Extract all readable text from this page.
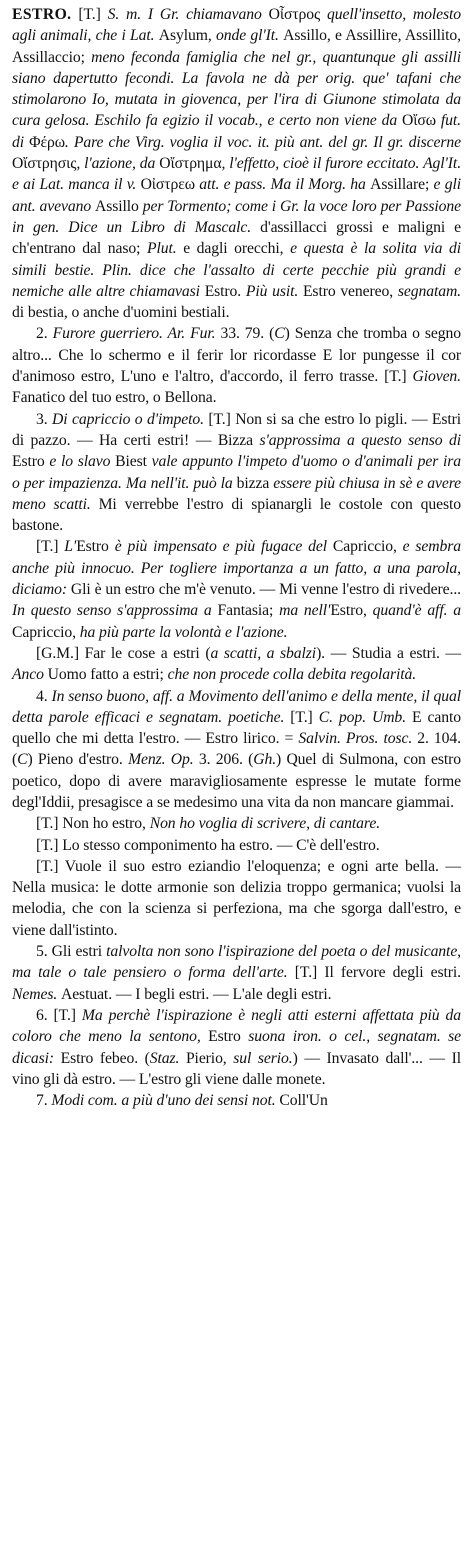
ESTRO. [T.] S. m. I Gr. chiamavano Οἶστρος quell'insetto, molesto agli animali, che i Lat. Asylum, onde gl'It. Assillo, e Assillire, Assillito, Assillaccio; meno feconda famiglia che nel gr., quantunque gli assilli siano dapertutto fecondi. La favola ne dà per orig. que' tafani che stimolarono Io, mutata in giovenca, per l'ira di Giunone stimolata da cura gelosa. Eschilo fa egizio il vocab., e certo non viene da Οἴσω fut. di Φέρω. Pare che Virg. voglia il voc. it. più ant. del gr. Il gr. discerne Οἴστρησις, l'azione, da Οἴστρημα, l'effetto, cioè il furore eccitato. Agl'It. e ai Lat. manca il v. Οἰστρεω att. e pass. Ma il Morg. ha Assillare; e gli ant. avevano Assillo per Tormento; come i Gr. la voce loro per Passione in gen. Dice un Libro di Mascalc. d'assillacci grossi e maligni e ch'entrano dal naso; Plut. e dagli orecchi, e questa è la solita via di simili bestie. Plin. dice che l'assalto di certe pecchie più grandi e nemiche alle altre chiamavasi Estro. Più usit. Estro venereo, segnatam. di bestia, o anche d'uomini bestiali.

2. Furore guerriero. Ar. Fur. 33. 79. (C) Senza che tromba o segno altro... Che lo schermo e il ferir lor ricordasse E lor pungesse il cor d'animoso estro, L'uno e l'altro, d'accordo, il ferro trasse. [T.] Gioven. Fanatico del tuo estro, o Bellona.

3. Di capriccio o d'impeto. [T.] Non si sa che estro lo pigli. — Estri di pazzo. — Ha certi estri! — Bizza s'approssima a questo senso di Estro e lo slavo Biest vale appunto l'impeto d'uomo o d'animali per ira o per impazienza. Ma nell'it. può la bizza essere più chiusa in sè e avere meno scatti. Mi verrebbe l'estro di spianargli le costole con questo bastone.

[T.] L'Estro è più impensato e più fugace del Capriccio, e sembra anche più innocuo. Per togliere importanza a un fatto, a una parola, diciamo: Gli è un estro che m'è venuto. — Mi venne l'estro di rivedere... In questo senso s'approssima a Fantasia; ma nell'Estro, quand'è aff. a Capriccio, ha più parte la volontà e l'azione.

[G.M.] Far le cose a estri (a scatti, a sbalzi). — Studia a estri. — Anco Uomo fatto a estri; che non procede colla debita regolarità.

4. In senso buono, aff. a Movimento dell'animo e della mente, il qual detta parole efficaci e segnatam. poetiche. [T.] C. pop. Umb. E canto quello che mi detta l'estro. — Estro lirico. = Salvin. Pros. tosc. 2. 104. (C) Pieno d'estro. Menz. Op. 3. 206. (Gh.) Quel di Sulmona, con estro poetico, dopo di avere maravigliosamente espresse le mutate forme degl'Iddii, presagisce a se medesimo una vita da non mancare giammai.

[T.] Non ho estro, Non ho voglia di scrivere, di cantare.

[T.] Lo stesso componimento ha estro. — C'è dell'estro.

[T.] Vuole il suo estro eziandio l'eloquenza; e ogni arte bella. — Nella musica: le dotte armonie son delizia troppo germanica; vuolsi la melodia, che con la scienza si perfeziona, ma che sgorga dall'estro, e viene dall'istinto.

5. Gli estri talvolta non sono l'ispirazione del poeta o del musicante, ma tale o tale pensiero o forma dell'arte. [T.] Il fervore degli estri. Nemes. Aestuat. — I begli estri. — L'ale degli estri.

6. [T.] Ma perchè l'ispirazione è negli atti esterni affettata più da coloro che meno la sentono, Estro suona iron. o cel., segnatam. se dicasi: Estro febeo. (Staz. Pierio, sul serio.) — Invasato dall'... — Il vino gli dà estro. — L'estro gli viene dalle monete.

7. Modi com. a più d'uno dei sensi not. Coll'Un
